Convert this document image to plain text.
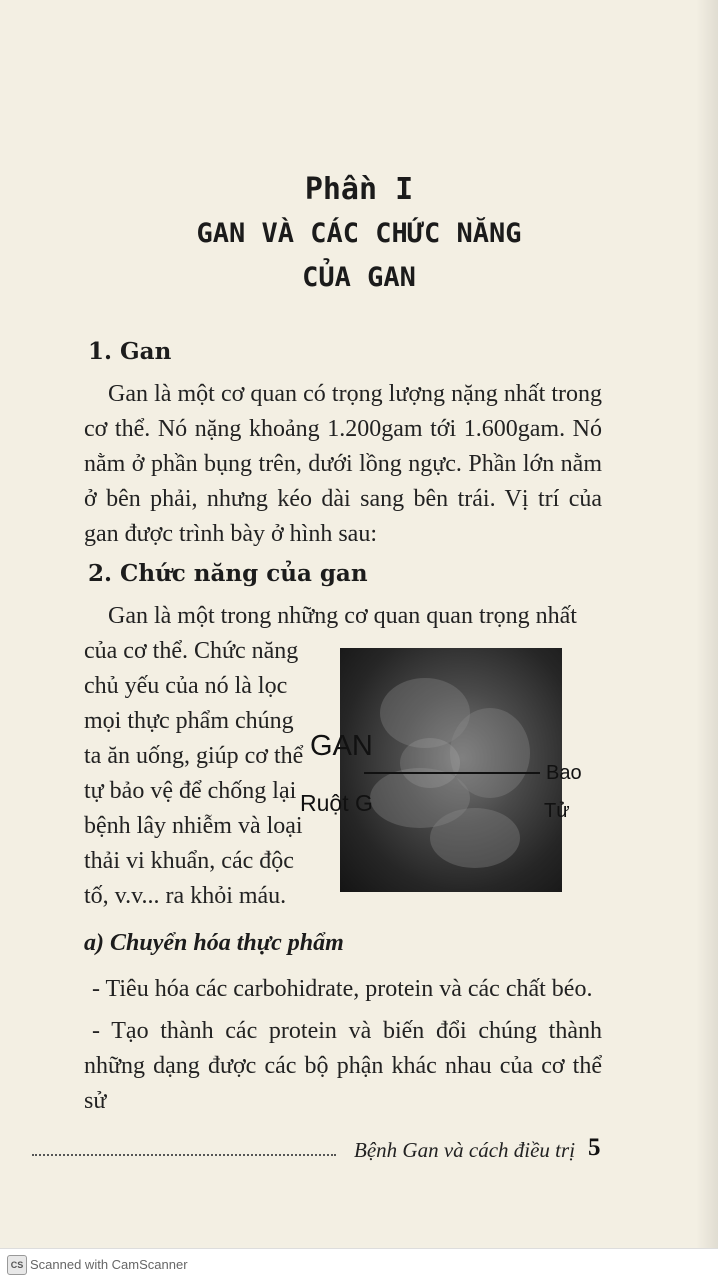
Phần I
GAN VÀ CÁC CHỨC NĂNG
CỦA GAN
1. Gan

Gan là một cơ quan có trọng lượng nặng nhất trong cơ thể. Nó nặng khoảng 1.200gam tới 1.600gam. Nó nằm ở phần bụng trên, dưới lồng ngực. Phần lớn nằm ở bên phải, nhưng kéo dài sang bên trái. Vị trí của gan được trình bày ở hình sau:

2. Chức năng của gan

Gan là một trong những cơ quan quan trọng nhất

của cơ thể. Chức năng
chủ yếu của nó là lọc
mọi thực phẩm chúng
ta ăn uống, giúp cơ thể
tự bảo vệ để chống lại
bệnh lây nhiễm và loại
thải vi khuẩn, các độc
tố, v.v... ra khỏi máu.

GAN
Ruột G
Bao
Tử
a) Chuyển hóa thực phẩm

- Tiêu hóa các carbohidrate, protein và các chất béo.

- Tạo thành các protein và biến đổi chúng thành những dạng được các bộ phận khác nhau của cơ thể sử

Bệnh Gan và cách điều trị 5
CS Scanned with CamScanner
